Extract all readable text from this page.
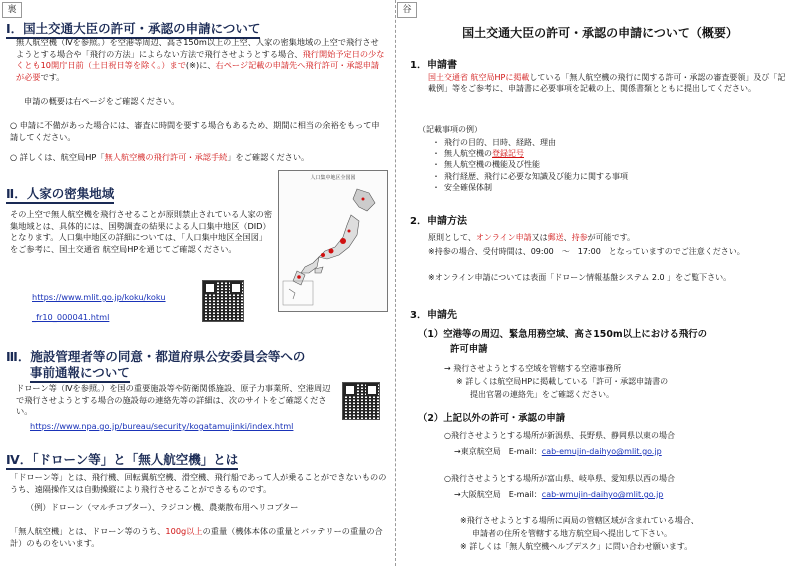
裏	谷
Ⅰ．国土交通大臣の許可・承認の申請について

無人航空機（Ⅳを参照。）を空港等周辺、高さ150m以上の上空、人家の密集地域の上空で飛行させようとする場合や「飛行の方法」によらない方法で飛行させようとする場合、飛行開始予定日の少なくとも10開庁日前（土日祝日等を除く。）まで(※)に、右ページ記載の申請先へ飛行許可・承認申請が必要です。

申請の概要は右ページをご確認ください。

○ 申請に不備があった場合には、審査に時間を要する場合もあるため、期間に相当の余裕をもって申請してください。

○ 詳しくは、航空局HP「無人航空機の飛行許可・承認手続」をご確認ください。

Ⅱ．人家の密集地域

その上空で無人航空機を飛行させることが原則禁止されている人家の密集地域とは、具体的には、国勢調査の結果による人口集中地区（DID）となります。人口集中地区の詳細については、「人口集中地区全国図」をご参考に、国土交通省 航空局HPを通じてご確認ください。

https://www.mlit.go.jp/koku/koku
_fr10_000041.html
人口集中地区全国図
Ⅲ．施設管理者等の同意・都道府県公安委員会等への
事前通報について

ドローン等（Ⅳを参照。）を国の重要施設等や防衛関係施設、原子力事業所、空港周辺で飛行させようとする場合の施設毎の連絡先等の詳細は、次のサイトをご確認ください。

https://www.npa.go.jp/bureau/security/kogatamujinki/index.html
Ⅳ．「ドローン等」と「無人航空機」とは

「ドローン等」とは、飛行機、回転翼航空機、滑空機、飛行船であって人が乗ることができないもののうち、遠隔操作又は自動操縦により飛行させることができるものです。

（例）ドローン（マルチコプター）、ラジコン機、農薬散布用ヘリコプター

「無人航空機」とは、ドローン等のうち、100g以上の重量（機体本体の重量とバッテリーの重量の合計）のものをいいます。

国土交通大臣の許可・承認の申請について（概要）
1．申請書

国土交通省 航空局HPに掲載している「無人航空機の飛行に関する許可・承認の審査要領」及び「記載例」等をご参考に、申請書に必要事項を記載の上、関係書類とともに提出してください。

（記載事項の例）

・ 飛行の目的、日時、経路、理由
・ 無人航空機の登録記号
・ 無人航空機の機能及び性能
・ 飛行経歴、飛行に必要な知識及び能力に関する事項
・ 安全確保体制
2．申請方法

原則として、オンライン申請又は郵送、持参が可能です。

※持参の場合、受付時間は、09:00　～　17:00　となっていますのでご注意ください。

※オンライン申請については表面「ドローン情報基盤システム 2.0 」をご覧下さい。

3．申請先
（1）空港等の周辺、緊急用務空域、高さ150m以上における飛行の
許可申請

→ 飛行させようとする空域を管轄する空港事務所

※ 詳しくは航空局HPに掲載している「許可・承認申請書の

提出官署の連絡先」をご確認ください。

（2）上記以外の許可・承認の申請

○飛行させようとする場所が新潟県、長野県、静岡県以東の場合

→東京航空局　 E-mail：cab-emujin-daihyo@mlit.go.jp

○飛行させようとする場所が富山県、岐阜県、愛知県以西の場合

→大阪航空局　 E-mail：cab-wmujin-daihyo@mlit.go.jp

※飛行させようとする場所に両局の管轄区域が含まれている場合、

申請者の住所を管轄する地方航空局へ提出して下さい。

※ 詳しくは「無人航空機ヘルプデスク」に問い合わせ願います。
